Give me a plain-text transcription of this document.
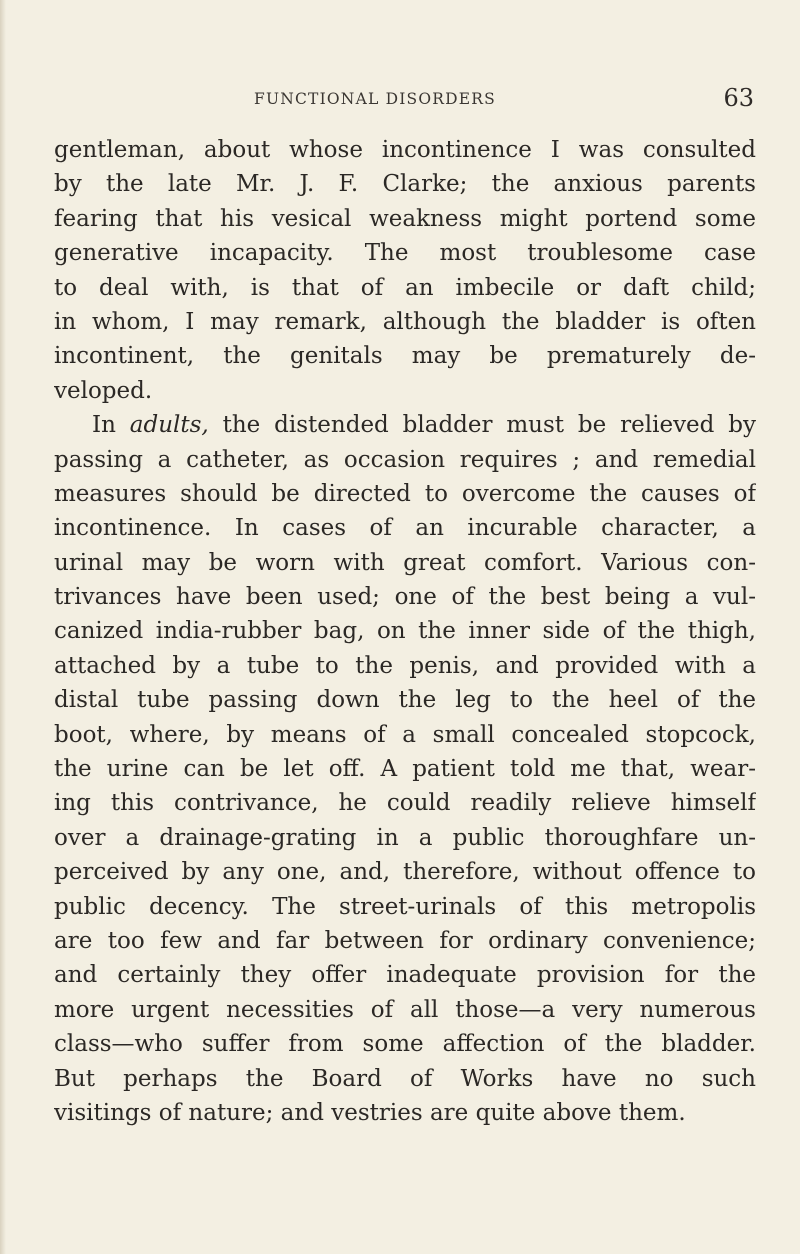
FUNCTIONAL DISORDERS	63
gentleman, about whose incontinence I was consulted
by the late Mr. J. F. Clarke; the anxious parents
fearing that his vesical weakness might portend some
generative incapacity. The most troublesome case
to deal with, is that of an imbecile or daft child;
in whom, I may remark, although the bladder is often
incontinent, the genitals may be prematurely de-
veloped.
In adults, the distended bladder must be relieved by
passing a catheter, as occasion requires ; and remedial
measures should be directed to overcome the causes of
incontinence. In cases of an incurable character, a
urinal may be worn with great comfort. Various con-
trivances have been used; one of the best being a vul-
canized india-rubber bag, on the inner side of the thigh,
attached by a tube to the penis, and provided with a
distal tube passing down the leg to the heel of the
boot, where, by means of a small concealed stopcock,
the urine can be let off. A patient told me that, wear-
ing this contrivance, he could readily relieve himself
over a drainage-grating in a public thoroughfare un-
perceived by any one, and, therefore, without offence to
public decency. The street-urinals of this metropolis
are too few and far between for ordinary convenience;
and certainly they offer inadequate provision for the
more urgent necessities of all those—a very numerous
class—who suffer from some affection of the bladder.
But perhaps the Board of Works have no such
visitings of nature; and vestries are quite above them.
